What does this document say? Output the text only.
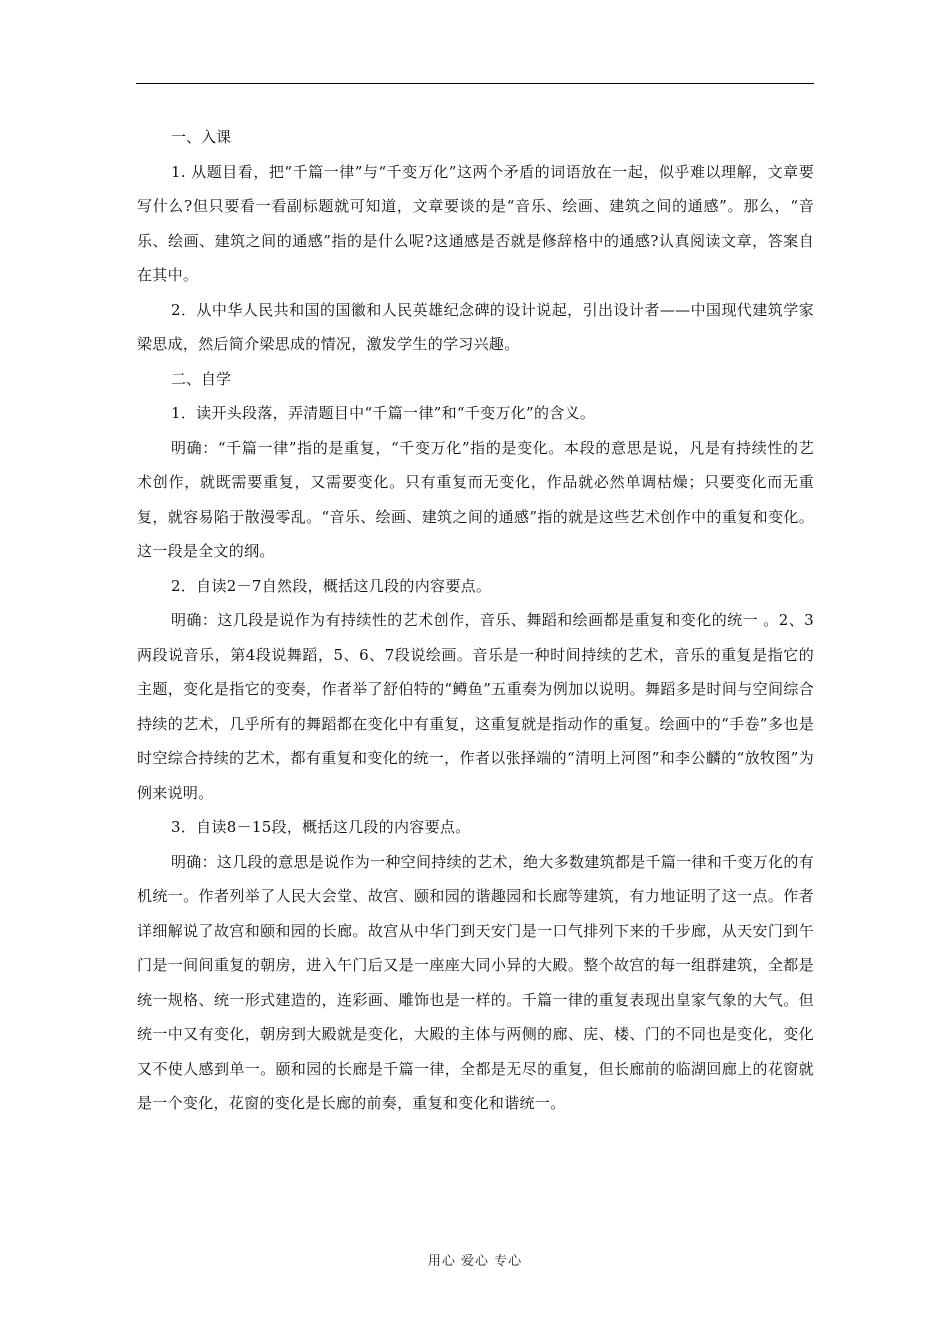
一、入课

1. 从题目看，把“千篇一律”与“千变万化”这两个矛盾的词语放在一起，似乎难以理解，文章要写什么?但只要看一看副标题就可知道，文章要谈的是“音乐、绘画、建筑之间的通感”。那么，“音乐、绘画、建筑之间的通感”指的是什么呢?这通感是否就是修辞格中的通感?认真阅读文章，答案自在其中。

2．从中华人民共和国的国徽和人民英雄纪念碑的设计说起，引出设计者——中国现代建筑学家梁思成，然后简介梁思成的情况，激发学生的学习兴趣。

二、自学

1．读开头段落，弄清题目中“千篇一律”和“千变万化”的含义。

明确：“千篇一律”指的是重复，“千变万化”指的是变化。本段的意思是说，凡是有持续性的艺术创作，就既需要重复，又需要变化。只有重复而无变化，作品就必然单调枯燥；只要变化而无重复，就容易陷于散漫零乱。“音乐、绘画、建筑之间的通感”指的就是这些艺术创作中的重复和变化。这一段是全文的纲。

2．自读2－7自然段，概括这几段的内容要点。

明确：这几段是说作为有持续性的艺术创作，音乐、舞蹈和绘画都是重复和变化的统一 。2、3两段说音乐，第4段说舞蹈，5、6、7段说绘画。音乐是一种时间持续的艺术，音乐的重复是指它的主题，变化是指它的变奏，作者举了舒伯特的“鳟鱼”五重奏为例加以说明。舞蹈多是时间与空间综合持续的艺术，几乎所有的舞蹈都在变化中有重复，这重复就是指动作的重复。绘画中的“手卷”多也是时空综合持续的艺术，都有重复和变化的统一，作者以张择端的“清明上河图”和李公麟的“放牧图”为例来说明。

3．自读8－15段，概括这几段的内容要点。

明确：这几段的意思是说作为一种空间持续的艺术，绝大多数建筑都是千篇一律和千变万化的有机统一。作者列举了人民大会堂、故宫、颐和园的谐趣园和长廊等建筑，有力地证明了这一点。作者详细解说了故宫和颐和园的长廊。故宫从中华门到天安门是一口气排列下来的千步廊，从天安门到午门是一间间重复的朝房，进入午门后又是一座座大同小异的大殿。整个故宫的每一组群建筑，全都是统一规格、统一形式建造的，连彩画、雕饰也是一样的。千篇一律的重复表现出皇家气象的大气。但统一中又有变化，朝房到大殿就是变化，大殿的主体与两侧的廊、庑、楼、门的不同也是变化，变化又不使人感到单一。颐和园的长廊是千篇一律，全都是无尽的重复，但长廊前的临湖回廊上的花窗就是一个变化，花窗的变化是长廊的前奏，重复和变化和谐统一。

用心 爱心 专心
